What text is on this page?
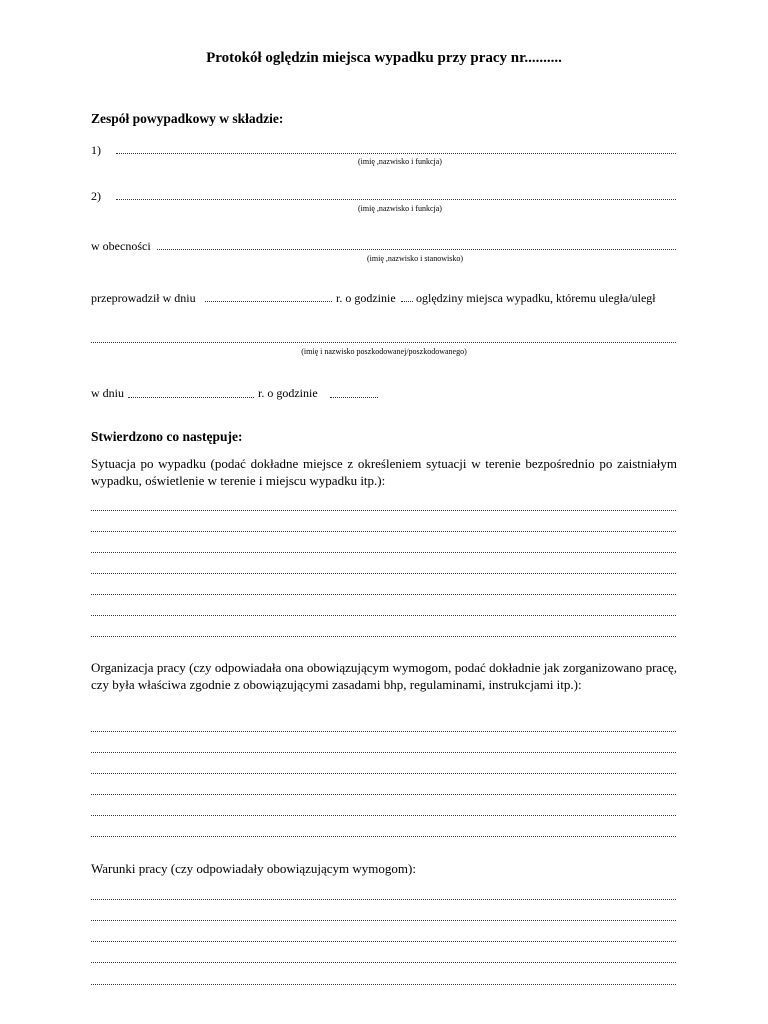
Protokół oględzin miejsca wypadku przy pracy nr..........
Zespół powypadkowy w składzie:
1)
(imię ,nazwisko i funkcja)
2)
(imię ,nazwisko i funkcja)
w obecności
(imię ,nazwisko i stanowisko)
przeprowadził w dniu	r. o godzinie oględziny miejsca wypadku, któremu uległa/uległ
(imię i nazwisko poszkodowanej/poszkodowanego)
w dniu	r. o godzinie
Stwierdzono co następuje:
Sytuacja po wypadku (podać dokładne miejsce z określeniem sytuacji w terenie bezpośrednio po zaistniałym wypadku, oświetlenie w terenie i miejscu wypadku itp.):
Organizacja pracy (czy odpowiadała ona obowiązującym wymogom, podać dokładnie jak zorganizowano pracę, czy była właściwa zgodnie z obowiązującymi zasadami bhp, regulaminami, instrukcjami itp.):
Warunki pracy (czy odpowiadały obowiązującym wymogom):
